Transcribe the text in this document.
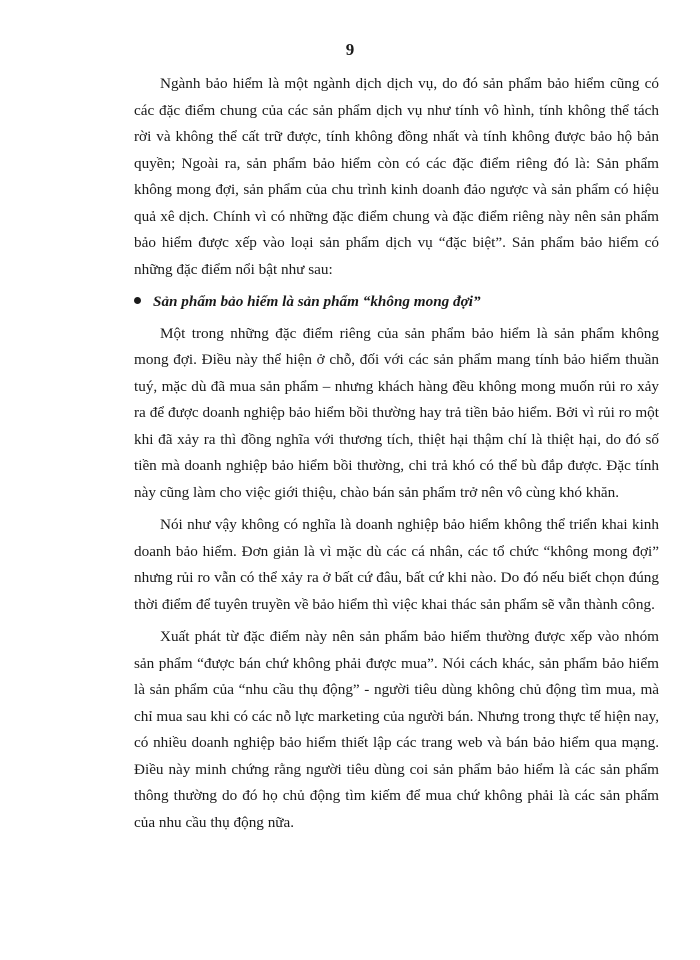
9

Ngành bảo hiểm là một ngành dịch dịch vụ, do đó sản phẩm bảo hiểm cũng có các đặc điểm chung của các sản phẩm dịch vụ như tính vô hình, tính không thể tách rời và không thể cất trữ được, tính không đồng nhất và tính không được bảo hộ bản quyền; Ngoài ra, sản phẩm bảo hiểm còn có các đặc điểm riêng đó là: Sản phẩm không mong đợi, sản phẩm của chu trình kinh doanh đảo ngược và sản phẩm có hiệu quả xê dịch. Chính vì có những đặc điểm chung và đặc điểm riêng này nên sản phẩm bảo hiểm được xếp vào loại sản phẩm dịch vụ “đặc biệt”. Sản phẩm bảo hiểm có những đặc điểm nổi bật như sau:

Sản phẩm bảo hiểm là sản phẩm “không mong đợi”

Một trong những đặc điểm riêng của sản phẩm bảo hiểm là sản phẩm không mong đợi. Điều này thể hiện ở chỗ, đối với các sản phẩm mang tính bảo hiểm thuần tuý, mặc dù đã mua sản phẩm – nhưng khách hàng đều không mong muốn rủi ro xảy ra để được doanh nghiệp bảo hiểm bồi thường hay trả tiền bảo hiểm. Bởi vì rủi ro một khi đã xảy ra thì đồng nghĩa với thương tích, thiệt hại thậm chí là thiệt hại, do đó số tiền mà doanh nghiệp bảo hiểm bồi thường, chi trả khó có thể bù đắp được. Đặc tính này cũng làm cho việc giới thiệu, chào bán sản phẩm trở nên vô cùng khó khăn.

Nói như vậy không có nghĩa là doanh nghiệp bảo hiểm không thể triển khai kinh doanh bảo hiểm. Đơn giản là vì mặc dù các cá nhân, các tổ chức “không mong đợi” nhưng rủi ro vẫn có thể xảy ra ở bất cứ đâu, bất cứ khi nào. Do đó nếu biết chọn đúng thời điểm để tuyên truyền về bảo hiểm thì việc khai thác sản phẩm sẽ vẫn thành công.

Xuất phát từ đặc điểm này nên sản phẩm bảo hiểm thường được xếp vào nhóm sản phẩm “được bán chứ không phải được mua”. Nói cách khác, sản phẩm bảo hiểm là sản phẩm của “nhu cầu thụ động” - người tiêu dùng không chủ động tìm mua, mà chỉ mua sau khi có các nỗ lực marketing của người bán. Nhưng trong thực tế hiện nay, có nhiều doanh nghiệp bảo hiểm thiết lập các trang web và bán bảo hiểm qua mạng. Điều này minh chứng rằng người tiêu dùng coi sản phẩm bảo hiểm là các sản phẩm thông thường do đó họ chủ động tìm kiếm để mua chứ không phải là các sản phẩm của nhu cầu thụ động nữa.
